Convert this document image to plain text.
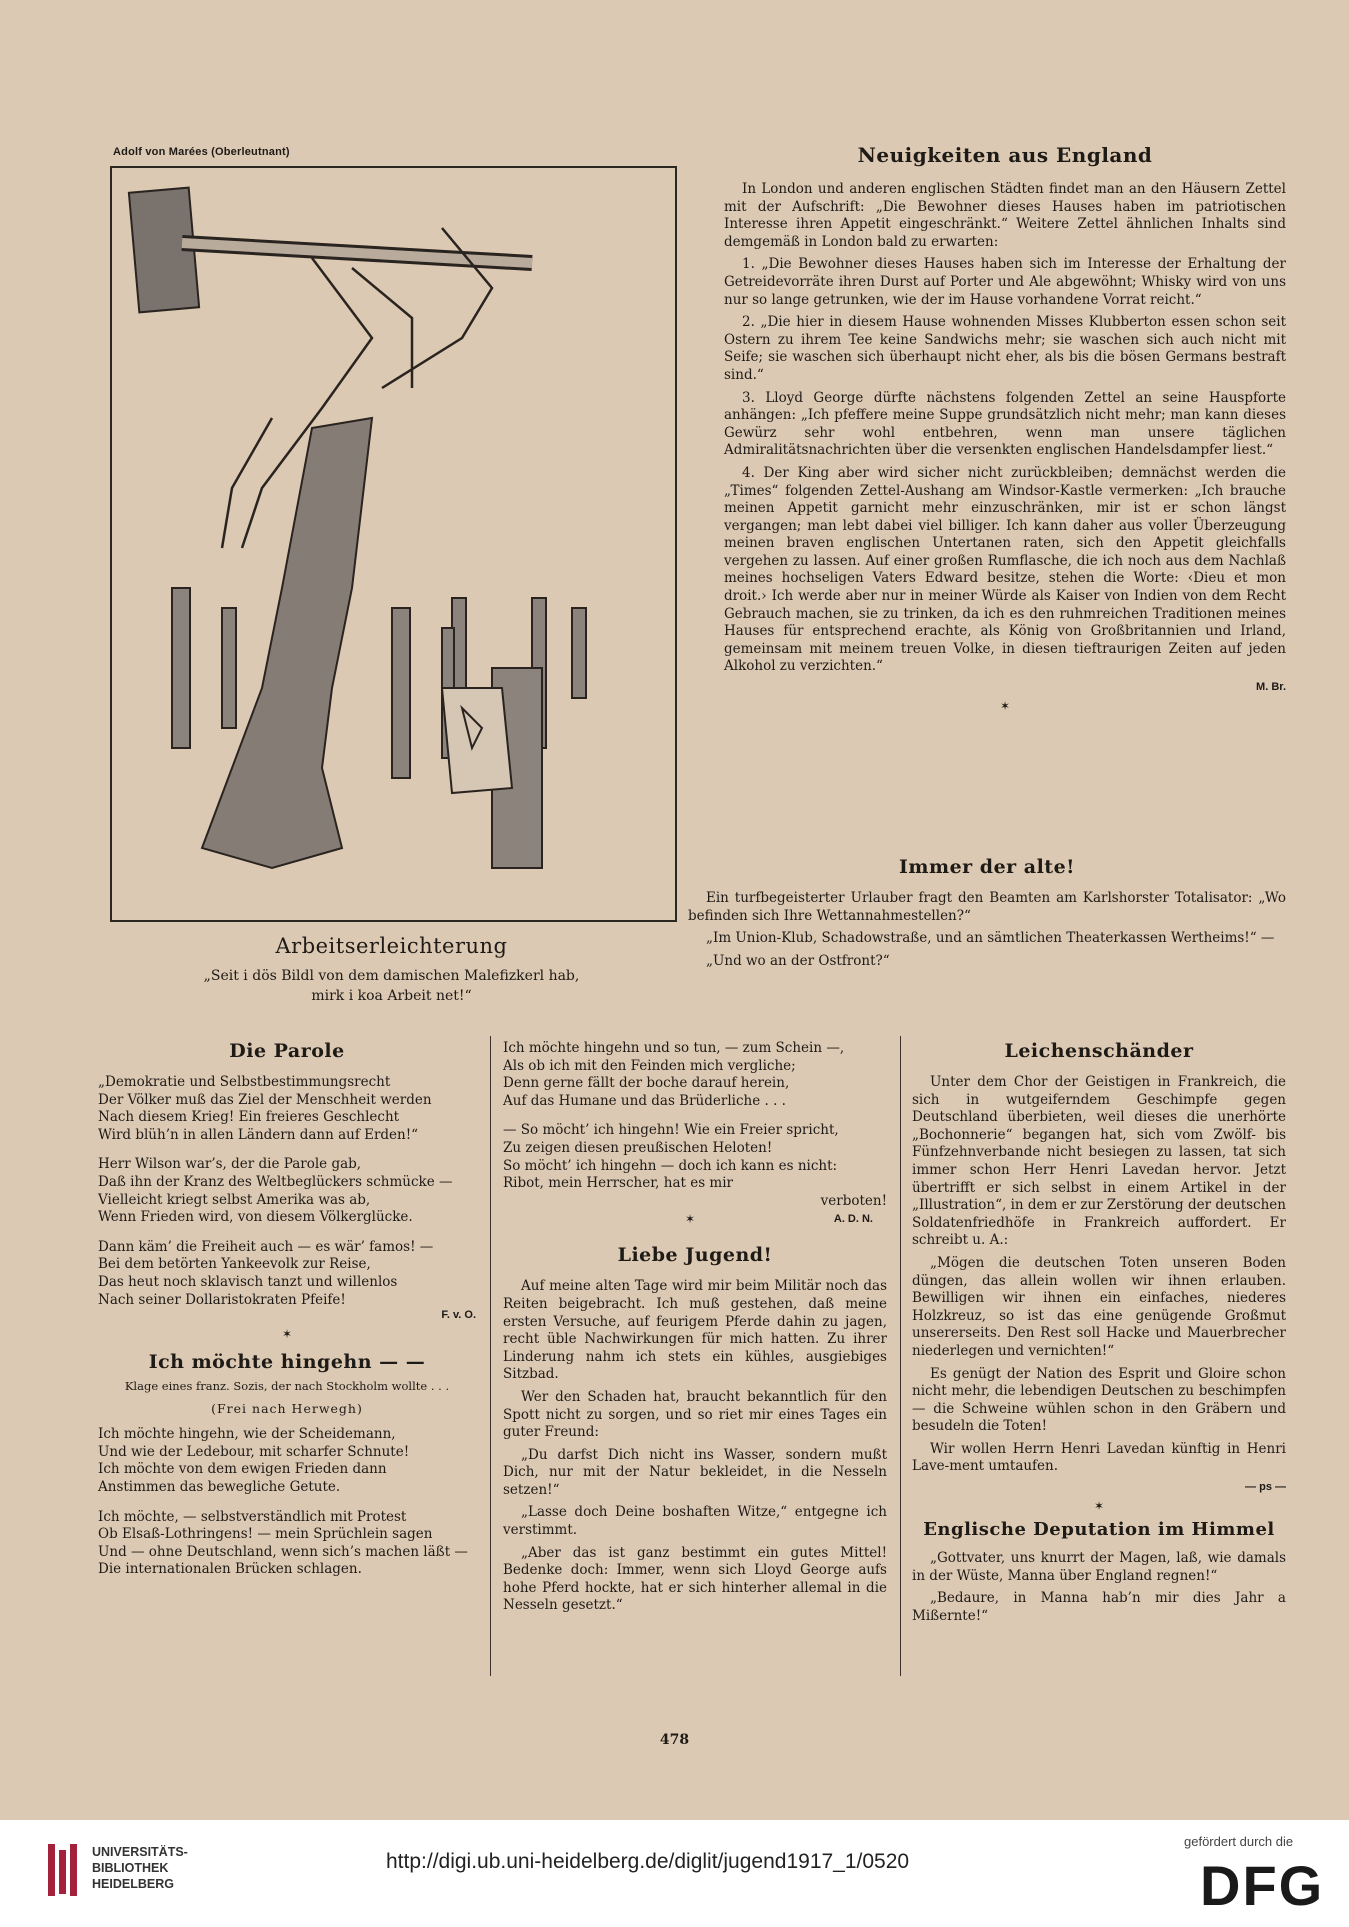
Adolf von Marées (Oberleutnant)
Arbeitserleichterung
„Seit i dös Bildl von dem damischen Malefizkerl hab,
mirk i koa Arbeit net!“
Neuigkeiten aus England

In London und anderen englischen Städten findet man an den Häusern Zettel mit der Aufschrift: „Die Bewohner dieses Hauses haben im patriotischen Interesse ihren Appetit eingeschränkt.“ Weitere Zettel ähnlichen Inhalts sind demgemäß in London bald zu erwarten:

1. „Die Bewohner dieses Hauses haben sich im Interesse der Erhaltung der Getreidevorräte ihren Durst auf Porter und Ale abgewöhnt; Whisky wird von uns nur so lange getrunken, wie der im Hause vorhandene Vorrat reicht.“

2. „Die hier in diesem Hause wohnenden Misses Klubberton essen schon seit Ostern zu ihrem Tee keine Sandwichs mehr; sie waschen sich auch nicht mit Seife; sie waschen sich überhaupt nicht eher, als bis die bösen Germans bestraft sind.“

3. Lloyd George dürfte nächstens folgenden Zettel an seine Hauspforte anhängen: „Ich pfeffere meine Suppe grundsätzlich nicht mehr; man kann dieses Gewürz sehr wohl entbehren, wenn man unsere täglichen Admiralitätsnachrichten über die versenkten englischen Handelsdampfer liest.“

4. Der King aber wird sicher nicht zurückbleiben; demnächst werden die „Times“ folgenden Zettel-Aushang am Windsor-Kastle vermerken: „Ich brauche meinen Appetit garnicht mehr einzuschränken, mir ist er schon längst vergangen; man lebt dabei viel billiger. Ich kann daher aus voller Überzeugung meinen braven englischen Untertanen raten, sich den Appetit gleichfalls vergehen zu lassen. Auf einer großen Rumflasche, die ich noch aus dem Nachlaß meines hochseligen Vaters Edward besitze, stehen die Worte: ‹Dieu et mon droit.› Ich werde aber nur in meiner Würde als Kaiser von Indien von dem Recht Gebrauch machen, sie zu trinken, da ich es den ruhmreichen Traditionen meines Hauses für entsprechend erachte, als König von Großbritannien und Irland, gemeinsam mit meinem treuen Volke, in diesen tieftraurigen Zeiten auf jeden Alkohol zu verzichten.“

M. Br.
✶
Immer der alte!

Ein turfbegeisterter Urlauber fragt den Beamten am Karlshorster Totalisator: „Wo befinden sich Ihre Wettannahmestellen?“

„Im Union-Klub, Schadowstraße, und an sämtlichen Theaterkassen Wertheims!“ —

„Und wo an der Ostfront?“

Die Parole
„Demokratie und Selbstbestimmungsrecht
Der Völker muß das Ziel der Menschheit werden
Nach diesem Krieg! Ein freieres Geschlecht
Wird blüh’n in allen Ländern dann auf Erden!“
Herr Wilson war’s, der die Parole gab,
Daß ihn der Kranz des Weltbeglückers schmücke —
Vielleicht kriegt selbst Amerika was ab,
Wenn Frieden wird, von diesem Völkerglücke.
Dann käm’ die Freiheit auch — es wär’ famos! —
Bei dem betörten Yankeevolk zur Reise,
Das heut noch sklavisch tanzt und willenlos
Nach seiner Dollaristokraten Pfeife!
F. v. O.
✶
Ich möchte hingehn — —
Klage eines franz. Sozis, der nach Stockholm wollte . . .
(Frei nach Herwegh)
Ich möchte hingehn, wie der Scheidemann,
Und wie der Ledebour, mit scharfer Schnute!
Ich möchte von dem ewigen Frieden dann
Anstimmen das bewegliche Getute.
Ich möchte, — selbstverständlich mit Protest
Ob Elsaß-Lothringens! — mein Sprüchlein sagen
Und — ohne Deutschland, wenn sich’s machen läßt —
Die internationalen Brücken schlagen.
Ich möchte hingehn und so tun, — zum Schein —,
Als ob ich mit den Feinden mich vergliche;
Denn gerne fällt der boche darauf herein,
Auf das Humane und das Brüderliche . . .
— So möcht’ ich hingehn! Wie ein Freier spricht,
Zu zeigen diesen preußischen Heloten!
So möcht’ ich hingehn — doch ich kann es nicht:
Ribot, mein Herrscher, hat es mir
verboten!
✶	A. D. N.
Liebe Jugend!

Auf meine alten Tage wird mir beim Militär noch das Reiten beigebracht. Ich muß gestehen, daß meine ersten Versuche, auf feurigem Pferde dahin zu jagen, recht üble Nachwirkungen für mich hatten. Zu ihrer Linderung nahm ich stets ein kühles, ausgiebiges Sitzbad.

Wer den Schaden hat, braucht bekanntlich für den Spott nicht zu sorgen, und so riet mir eines Tages ein guter Freund:

„Du darfst Dich nicht ins Wasser, sondern mußt Dich, nur mit der Natur bekleidet, in die Nesseln setzen!“

„Lasse doch Deine boshaften Witze,“ entgegne ich verstimmt.

„Aber das ist ganz bestimmt ein gutes Mittel! Bedenke doch: Immer, wenn sich Lloyd George aufs hohe Pferd hockte, hat er sich hinterher allemal in die Nesseln gesetzt.“

Leichenschänder

Unter dem Chor der Geistigen in Frankreich, die sich in wutgeiferndem Geschimpfe gegen Deutschland überbieten, weil dieses die unerhörte „Bochonnerie“ begangen hat, sich vom Zwölf- bis Fünfzehnverbande nicht besiegen zu lassen, tat sich immer schon Herr Henri Lavedan hervor. Jetzt übertrifft er sich selbst in einem Artikel in der „Illustration“, in dem er zur Zerstörung der deutschen Soldatenfriedhöfe in Frankreich auffordert. Er schreibt u. A.:

„Mögen die deutschen Toten unseren Boden düngen, das allein wollen wir ihnen erlauben. Bewilligen wir ihnen ein einfaches, niederes Holzkreuz, so ist das eine genügende Großmut unsererseits. Den Rest soll Hacke und Mauerbrecher niederlegen und vernichten!“

Es genügt der Nation des Esprit und Gloire schon nicht mehr, die lebendigen Deutschen zu beschimpfen — die Schweine wühlen schon in den Gräbern und besudeln die Toten!

Wir wollen Herrn Henri Lavedan künftig in Henri Lave-ment umtaufen.

— ps —
✶
Englische Deputation im Himmel

„Gottvater, uns knurrt der Magen, laß, wie damals in der Wüste, Manna über England regnen!“

„Bedaure, in Manna hab’n mir dies Jahr a Mißernte!“

478
UNIVERSITÄTS-
BIBLIOTHEK
HEIDELBERG
http://digi.ub.uni-heidelberg.de/diglit/jugend1917_1/0520
gefördert durch die
DFG
